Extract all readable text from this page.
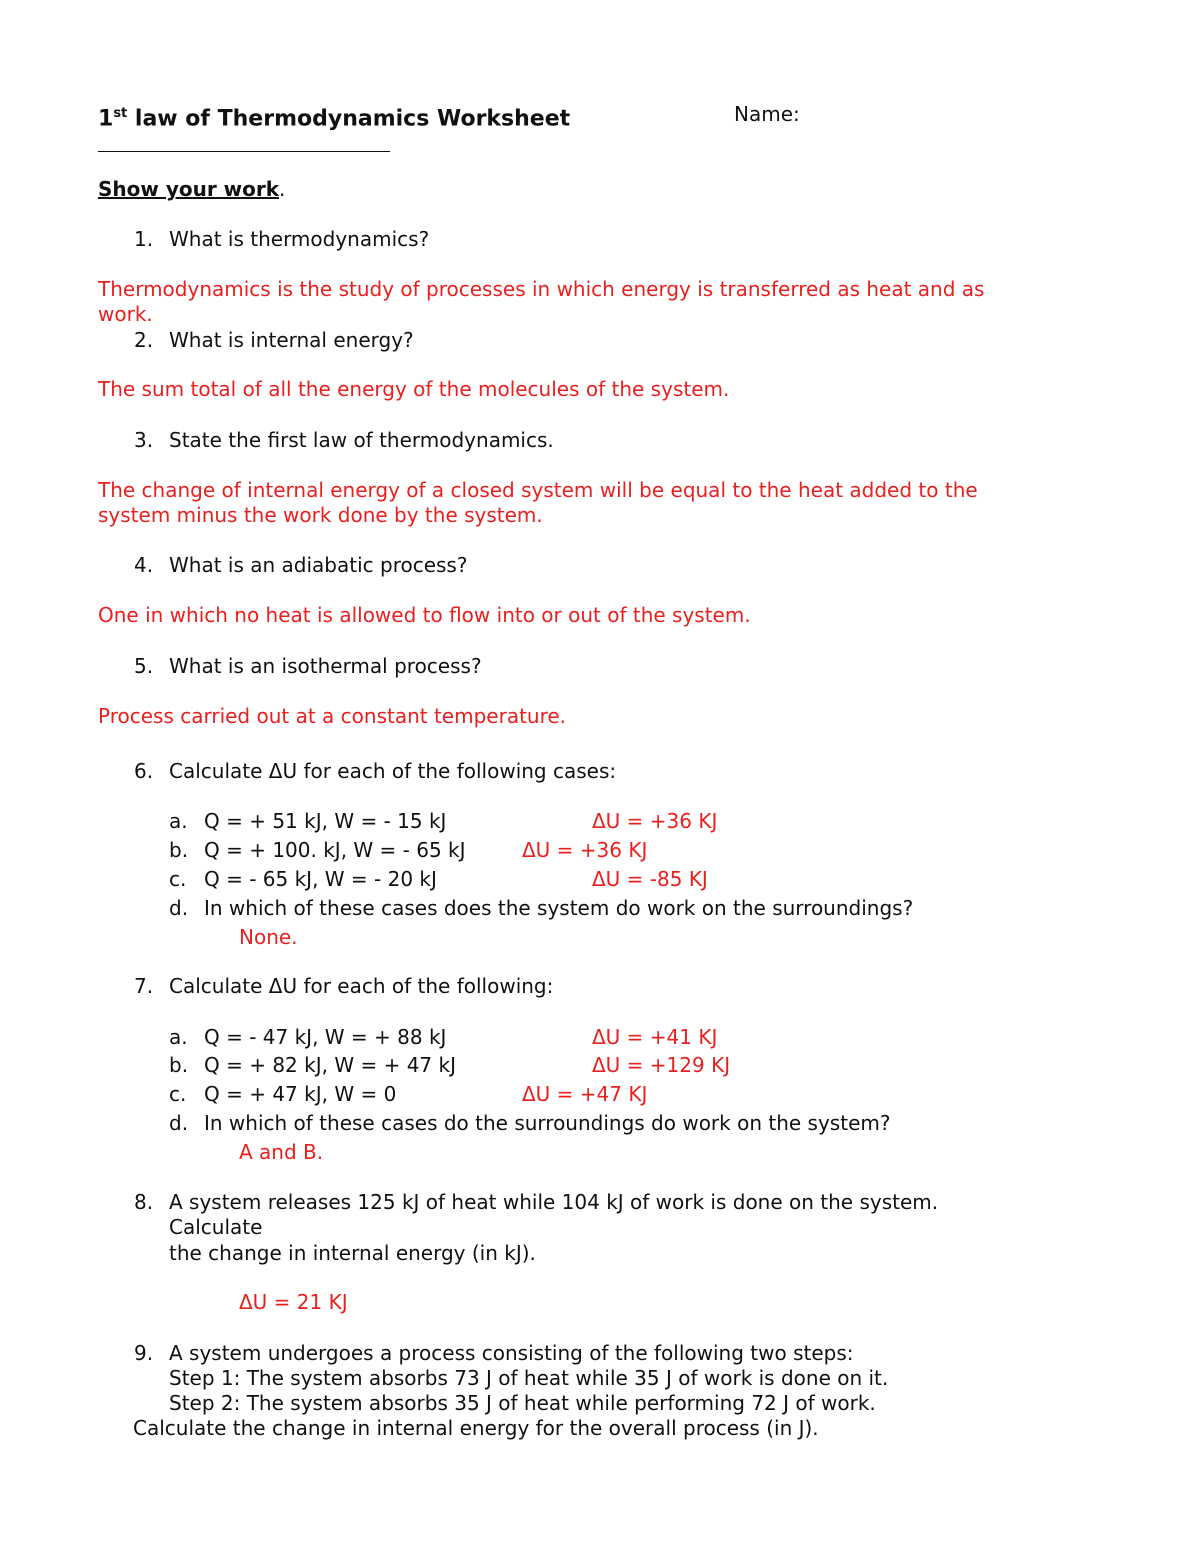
1st law of Thermodynamics Worksheet	Name:
Show your work.
1. What is thermodynamics?
Thermodynamics is the study of processes in which energy is transferred as heat and as
work.
2. What is internal energy?
The sum total of all the energy of the molecules of the system.
3. State the first law of thermodynamics.
The change of internal energy of a closed system will be equal to the heat added to the
system minus the work done by the system.
4. What is an adiabatic process?
One in which no heat is allowed to flow into or out of the system.
5. What is an isothermal process?
Process carried out at a constant temperature.
6. Calculate ΔU for each of the following cases:
a. Q = + 51 kJ, W = - 15 kJ	ΔU = +36 KJ
b. Q = + 100. kJ, W = - 65 kJ	ΔU = +36 KJ
c. Q = - 65 kJ, W = - 20 kJ	ΔU = -85 KJ
d. In which of these cases does the system do work on the surroundings?
None.
7. Calculate ΔU for each of the following:
a. Q = - 47 kJ, W = + 88 kJ	ΔU = +41 KJ
b. Q = + 82 kJ, W = + 47 kJ	ΔU = +129 KJ
c. Q = + 47 kJ, W = 0	ΔU = +47 KJ
d. In which of these cases do the surroundings do work on the system?
A and B.
8. A system releases 125 kJ of heat while 104 kJ of work is done on the system.
Calculate
the change in internal energy (in kJ).
ΔU = 21 KJ
9. A system undergoes a process consisting of the following two steps:
Step 1: The system absorbs 73 J of heat while 35 J of work is done on it.
Step 2: The system absorbs 35 J of heat while performing 72 J of work.
Calculate the change in internal energy for the overall process (in J).
